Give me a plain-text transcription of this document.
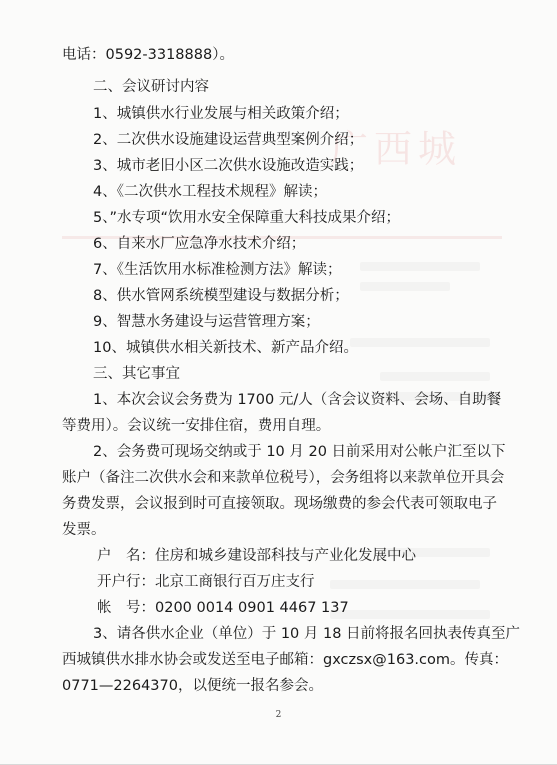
广西城
电话：0592-3318888）。
二、会议研讨内容
1、城镇供水行业发展与相关政策介绍；
2、二次供水设施建设运营典型案例介绍；
3、城市老旧小区二次供水设施改造实践；
4、《二次供水工程技术规程》解读；
5、”水专项“饮用水安全保障重大科技成果介绍；
6、自来水厂应急净水技术介绍；
7、《生活饮用水标准检测方法》解读；
8、供水管网系统模型建设与数据分析；
9、智慧水务建设与运营管理方案；
10、城镇供水相关新技术、新产品介绍。
三、其它事宜
1、本次会议会务费为 1700 元/人（含会议资料、会场、自助餐
等费用）。会议统一安排住宿，费用自理。
2、会务费可现场交纳或于 10 月 20 日前采用对公帐户汇至以下
账户（备注二次供水会和来款单位税号），会务组将以来款单位开具会
务费发票，会议报到时可直接领取。现场缴费的参会代表可领取电子
发票。
户　名：住房和城乡建设部科技与产业化发展中心
开户行：北京工商银行百万庄支行
帐　号：0200 0014 0901 4467 137
3、请各供水企业（单位）于 10 月 18 日前将报名回执表传真至广
西城镇供水排水协会或发送至电子邮箱：gxczsx@163.com。传真：
0771—2264370，以便统一报名参会。
2
